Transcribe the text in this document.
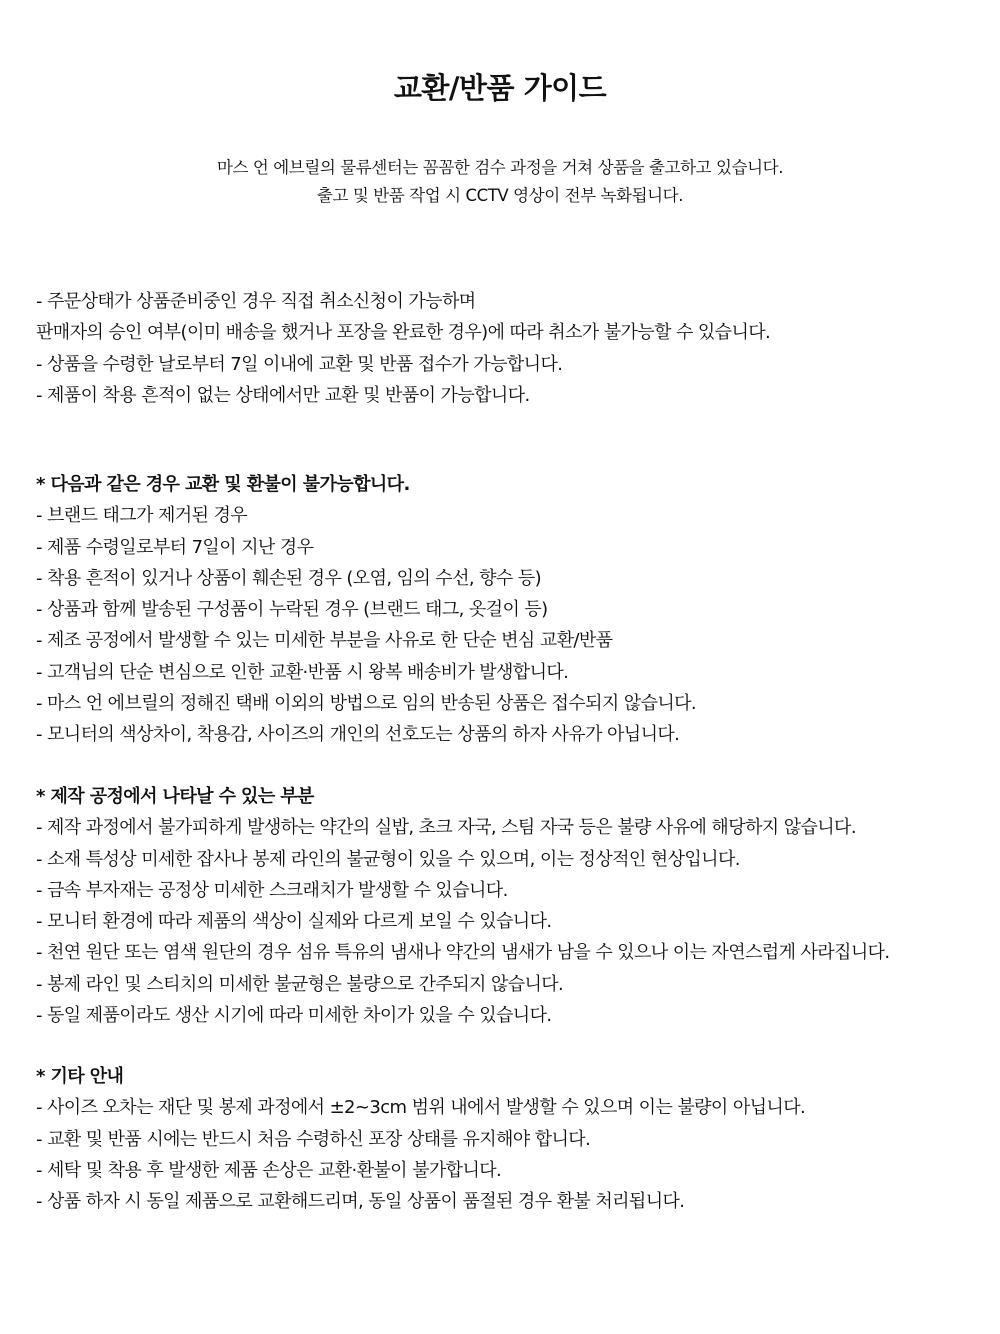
교환/반품 가이드

마스 언 에브릴의 물류센터는 꼼꼼한 검수 과정을 거쳐 상품을 출고하고 있습니다.

출고 및 반품 작업 시 CCTV 영상이 전부 녹화됩니다.

- 주문상태가 상품준비중인 경우 직접 취소신청이 가능하며

판매자의 승인 여부(이미 배송을 했거나 포장을 완료한 경우)에 따라 취소가 불가능할 수 있습니다.

- 상품을 수령한 날로부터 7일 이내에 교환 및 반품 접수가 가능합니다.

- 제품이 착용 흔적이 없는 상태에서만 교환 및 반품이 가능합니다.

* 다음과 같은 경우 교환 및 환불이 불가능합니다.

- 브랜드 태그가 제거된 경우

- 제품 수령일로부터 7일이 지난 경우

- 착용 흔적이 있거나 상품이 훼손된 경우 (오염, 임의 수선, 향수 등)

- 상품과 함께 발송된 구성품이 누락된 경우 (브랜드 태그, 옷걸이 등)

- 제조 공정에서 발생할 수 있는 미세한 부분을 사유로 한 단순 변심 교환/반품

- 고객님의 단순 변심으로 인한 교환·반품 시 왕복 배송비가 발생합니다.

- 마스 언 에브릴의 정해진 택배 이외의 방법으로 임의 반송된 상품은 접수되지 않습니다.

- 모니터의 색상차이, 착용감, 사이즈의 개인의 선호도는 상품의 하자 사유가 아닙니다.

* 제작 공정에서 나타날 수 있는 부분

- 제작 과정에서 불가피하게 발생하는 약간의 실밥, 초크 자국, 스팀 자국 등은 불량 사유에 해당하지 않습니다.

- 소재 특성상 미세한 잡사나 봉제 라인의 불균형이 있을 수 있으며, 이는 정상적인 현상입니다.

- 금속 부자재는 공정상 미세한 스크래치가 발생할 수 있습니다.

- 모니터 환경에 따라 제품의 색상이 실제와 다르게 보일 수 있습니다.

- 천연 원단 또는 염색 원단의 경우 섬유 특유의 냄새나 약간의 냄새가 남을 수 있으나 이는 자연스럽게 사라집니다.

- 봉제 라인 및 스티치의 미세한 불균형은 불량으로 간주되지 않습니다.

- 동일 제품이라도 생산 시기에 따라 미세한 차이가 있을 수 있습니다.

* 기타 안내

- 사이즈 오차는 재단 및 봉제 과정에서 ±2~3cm 범위 내에서 발생할 수 있으며 이는 불량이 아닙니다.

- 교환 및 반품 시에는 반드시 처음 수령하신 포장 상태를 유지해야 합니다.

- 세탁 및 착용 후 발생한 제품 손상은 교환·환불이 불가합니다.

- 상품 하자 시 동일 제품으로 교환해드리며, 동일 상품이 품절된 경우 환불 처리됩니다.
